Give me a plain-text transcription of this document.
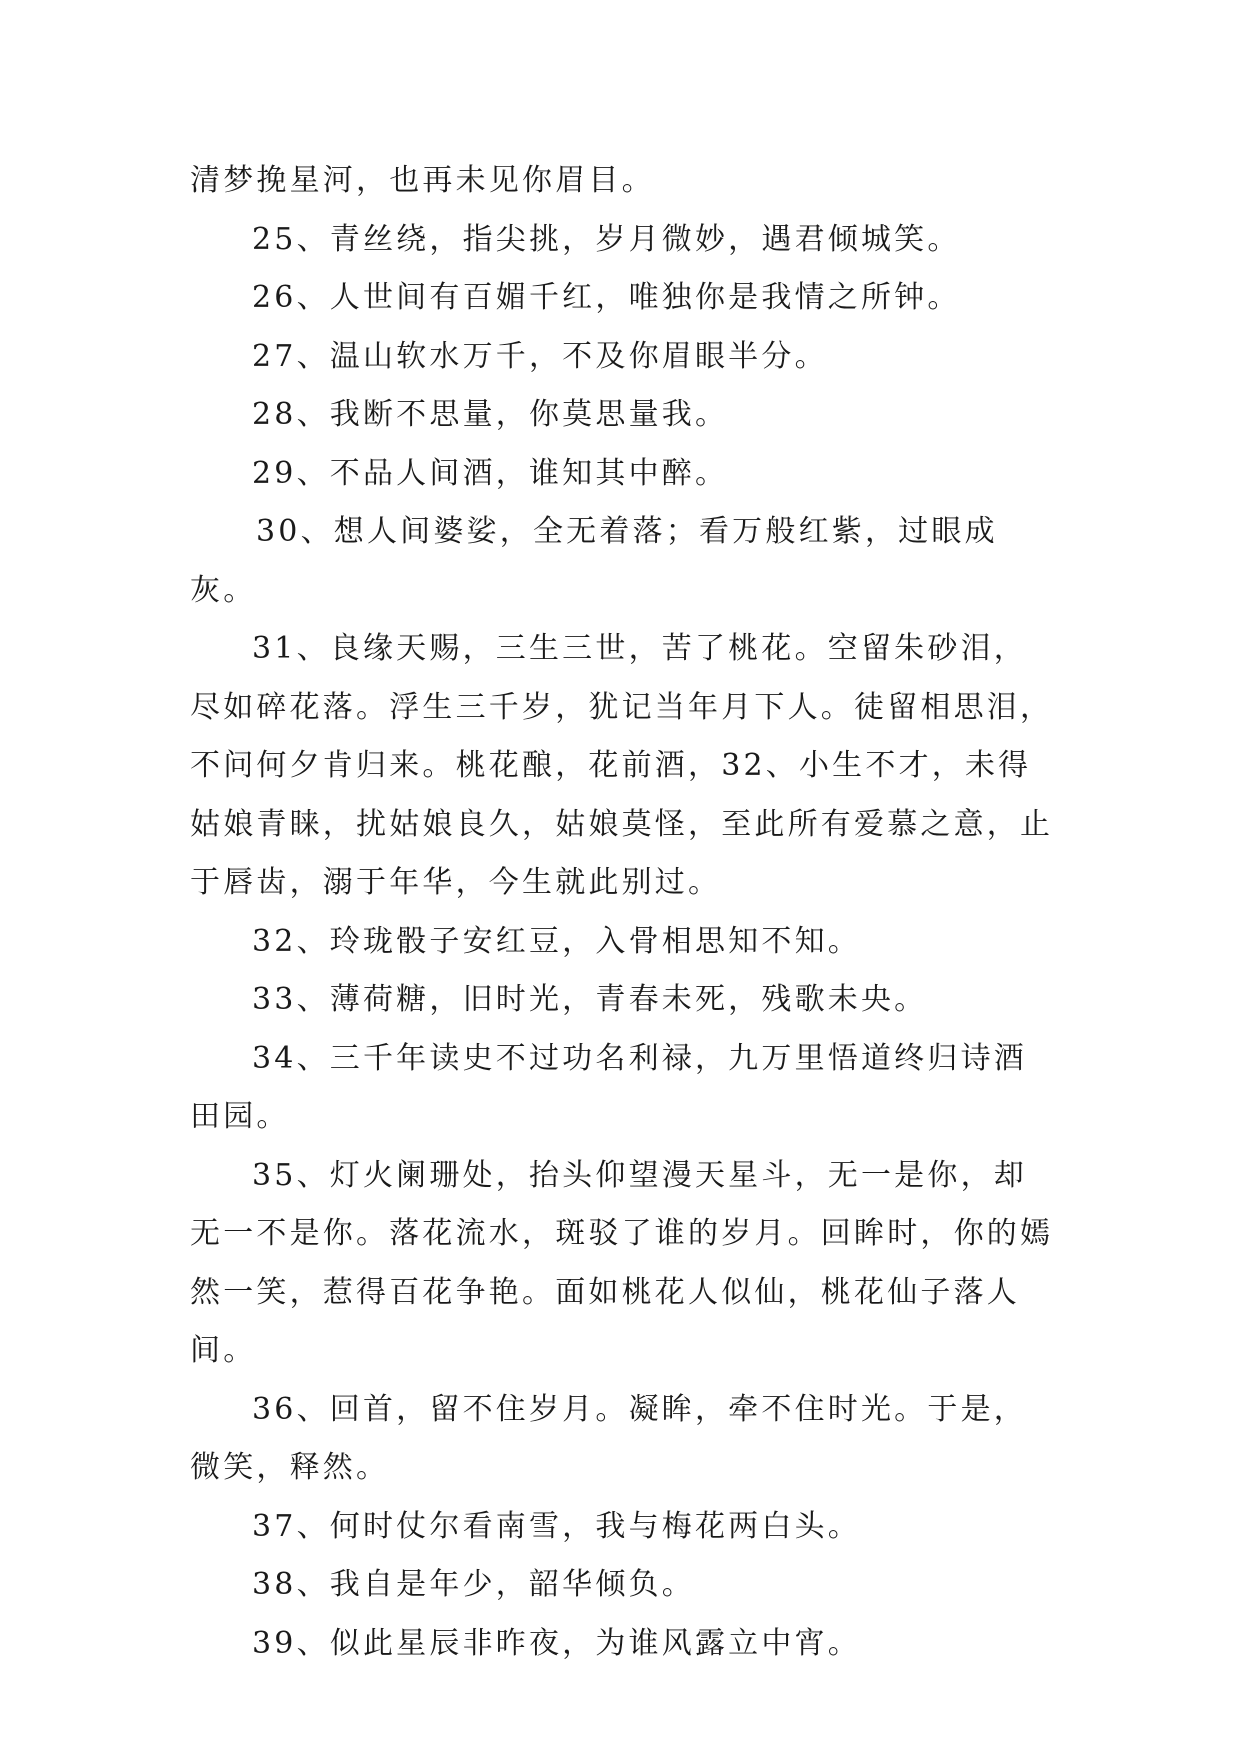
清梦挽星河，也再未见你眉目。

25、青丝绕，指尖挑，岁月微妙，遇君倾城笑。

26、人世间有百媚千红，唯独你是我情之所钟。

27、温山软水万千，不及你眉眼半分。

28、我断不思量，你莫思量我。

29、不品人间酒，谁知其中醉。

30、想人间婆娑，全无着落；看万般红紫，过眼成灰。

31、良缘天赐，三生三世，苦了桃花。空留朱砂泪，尽如碎花落。浮生三千岁，犹记当年月下人。徒留相思泪，不问何夕肯归来。桃花酿，花前酒，32、小生不才，未得姑娘青睐，扰姑娘良久，姑娘莫怪，至此所有爱慕之意，止于唇齿，溺于年华，今生就此别过。

32、玲珑骰子安红豆，入骨相思知不知。

33、薄荷糖，旧时光，青春未死，残歌未央。

34、三千年读史不过功名利禄，九万里悟道终归诗酒田园。

35、灯火阑珊处，抬头仰望漫天星斗，无一是你，却无一不是你。落花流水，斑驳了谁的岁月。回眸时，你的嫣然一笑，惹得百花争艳。面如桃花人似仙，桃花仙子落人间。

36、回首，留不住岁月。凝眸，牵不住时光。于是，微笑，释然。

37、何时仗尔看南雪，我与梅花两白头。

38、我自是年少，韶华倾负。

39、似此星辰非昨夜，为谁风露立中宵。
